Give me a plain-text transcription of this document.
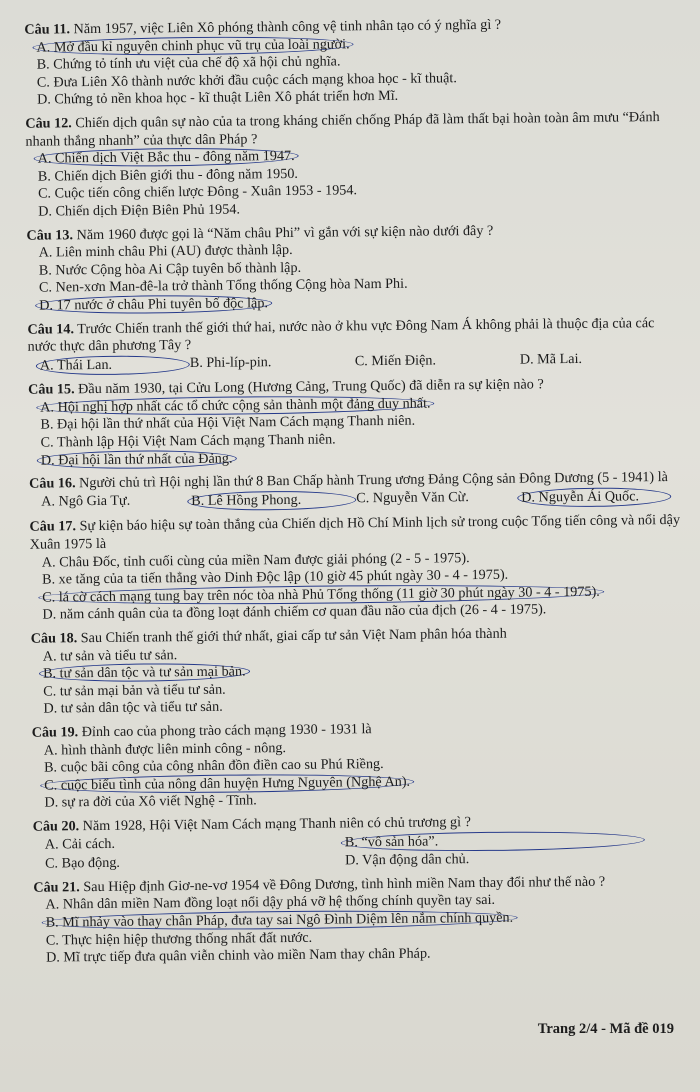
Câu 11. Năm 1957, việc Liên Xô phóng thành công vệ tinh nhân tạo có ý nghĩa gì ?
A. Mở đầu kỉ nguyên chinh phục vũ trụ của loài người.
B. Chứng tỏ tính ưu việt của chế độ xã hội chủ nghĩa.
C. Đưa Liên Xô thành nước khởi đầu cuộc cách mạng khoa học - kĩ thuật.
D. Chứng tỏ nền khoa học - kĩ thuật Liên Xô phát triển hơn Mĩ.
Câu 12. Chiến dịch quân sự nào của ta trong kháng chiến chống Pháp đã làm thất bại hoàn toàn âm mưu “Đánh nhanh thắng nhanh” của thực dân Pháp ?
A. Chiến dịch Việt Bắc thu - đông năm 1947.
B. Chiến dịch Biên giới thu - đông năm 1950.
C. Cuộc tiến công chiến lược Đông - Xuân 1953 - 1954.
D. Chiến dịch Điện Biên Phủ 1954.
Câu 13. Năm 1960 được gọi là “Năm châu Phi” vì gắn với sự kiện nào dưới đây ?
A. Liên minh châu Phi (AU) được thành lập.
B. Nước Cộng hòa Ai Cập tuyên bố thành lập.
C. Nen-xơn Man-đê-la trở thành Tổng thống Cộng hòa Nam Phi.
D. 17 nước ở châu Phi tuyên bố độc lập.
Câu 14. Trước Chiến tranh thế giới thứ hai, nước nào ở khu vực Đông Nam Á không phải là thuộc địa của các nước thực dân phương Tây ?
A. Thái Lan.	B. Phi-líp-pin.	C. Miến Điện.	D. Mã Lai.
Câu 15. Đầu năm 1930, tại Cửu Long (Hương Cảng, Trung Quốc) đã diễn ra sự kiện nào ?
A. Hội nghị hợp nhất các tổ chức cộng sản thành một đảng duy nhất.
B. Đại hội lần thứ nhất của Hội Việt Nam Cách mạng Thanh niên.
C. Thành lập Hội Việt Nam Cách mạng Thanh niên.
D. Đại hội lần thứ nhất của Đảng.
Câu 16. Người chủ trì Hội nghị lần thứ 8 Ban Chấp hành Trung ương Đảng Cộng sản Đông Dương (5 - 1941) là
A. Ngô Gia Tự.	B. Lê Hồng Phong.	C. Nguyễn Văn Cừ.	D. Nguyễn Ái Quốc.
Câu 17. Sự kiện báo hiệu sự toàn thắng của Chiến dịch Hồ Chí Minh lịch sử trong cuộc Tổng tiến công và nổi dậy Xuân 1975 là
A. Châu Đốc, tỉnh cuối cùng của miền Nam được giải phóng (2 - 5 - 1975).
B. xe tăng của ta tiến thẳng vào Dinh Độc lập (10 giờ 45 phút ngày 30 - 4 - 1975).
C. lá cờ cách mạng tung bay trên nóc tòa nhà Phủ Tổng thống (11 giờ 30 phút ngày 30 - 4 - 1975).
D. năm cánh quân của ta đồng loạt đánh chiếm cơ quan đầu não của địch (26 - 4 - 1975).
Câu 18. Sau Chiến tranh thế giới thứ nhất, giai cấp tư sản Việt Nam phân hóa thành
A. tư sản và tiểu tư sản.
B. tư sản dân tộc và tư sản mại bản.
C. tư sản mại bản và tiểu tư sản.
D. tư sản dân tộc và tiểu tư sản.
Câu 19. Đỉnh cao của phong trào cách mạng 1930 - 1931 là
A. hình thành được liên minh công - nông.
B. cuộc bãi công của công nhân đồn điền cao su Phú Riềng.
C. cuộc biểu tình của nông dân huyện Hưng Nguyên (Nghệ An).
D. sự ra đời của Xô viết Nghệ - Tĩnh.
Câu 20. Năm 1928, Hội Việt Nam Cách mạng Thanh niên có chủ trương gì ?
A. Cải cách.	B. “vô sản hóa”.
C. Bạo động.	D. Vận động dân chủ.
Câu 21. Sau Hiệp định Giơ-ne-vơ 1954 về Đông Dương, tình hình miền Nam thay đổi như thế nào ?
A. Nhân dân miền Nam đồng loạt nổi dậy phá vỡ hệ thống chính quyền tay sai.
B. Mĩ nhảy vào thay chân Pháp, đưa tay sai Ngô Đình Diệm lên nắm chính quyền.
C. Thực hiện hiệp thương thống nhất đất nước.
D. Mĩ trực tiếp đưa quân viễn chinh vào miền Nam thay chân Pháp.
Trang 2/4 - Mã đề 019
